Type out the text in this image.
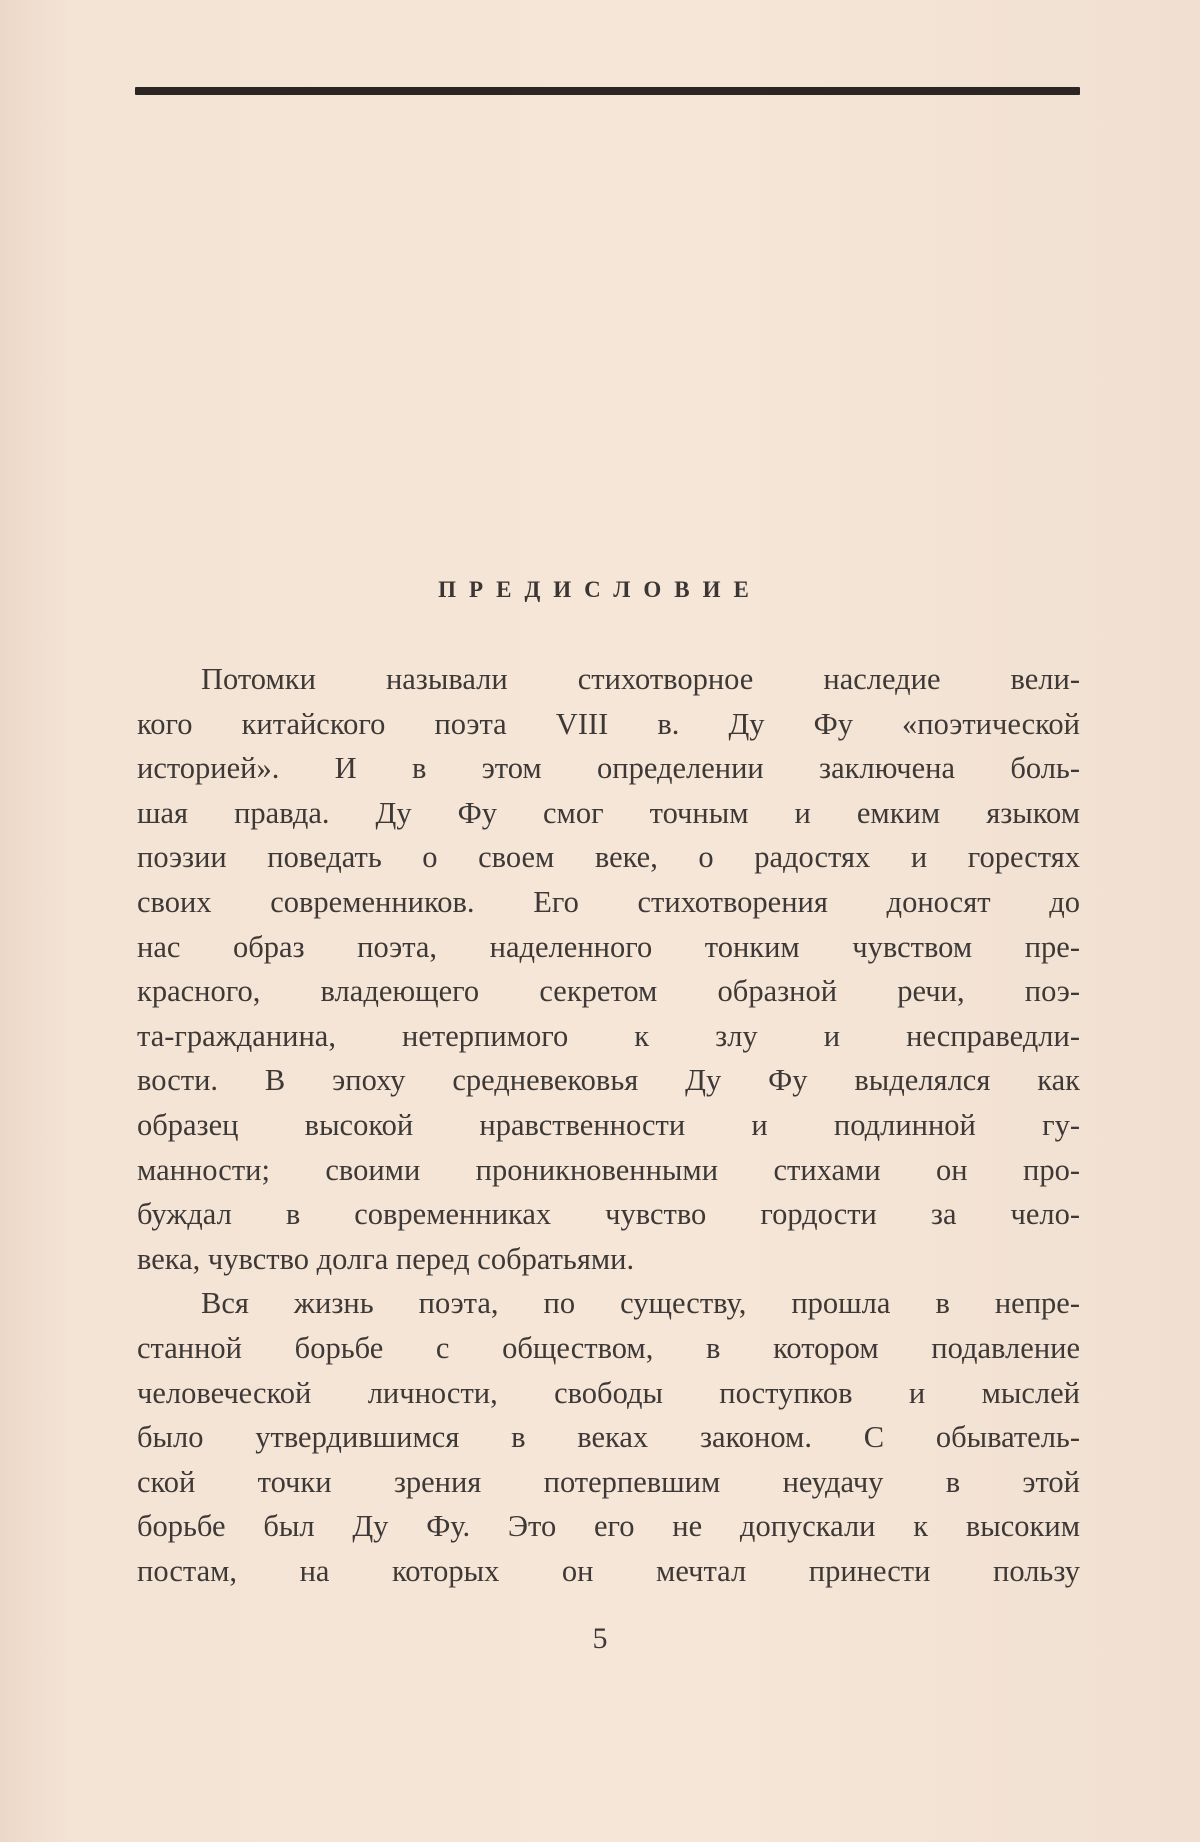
ПРЕДИСЛОВИЕ
Потомки называли стихотворное наследие вели-
кого китайского поэта VIII в. Ду Фу «поэтической
историей». И в этом определении заключена боль-
шая правда. Ду Фу смог точным и емким языком
поэзии поведать о своем веке, о радостях и горестях
своих современников. Его стихотворения доносят до
нас образ поэта, наделенного тонким чувством пре-
красного, владеющего секретом образной речи, поэ-
та-гражданина, нетерпимого к злу и несправедли-
вости. В эпоху средневековья Ду Фу выделялся как
образец высокой нравственности и подлинной гу-
манности; своими проникновенными стихами он про-
буждал в современниках чувство гордости за чело-
века, чувство долга перед собратьями.
Вся жизнь поэта, по существу, прошла в непре-
станной борьбе с обществом, в котором подавление
человеческой личности, свободы поступков и мыслей
было утвердившимся в веках законом. С обыватель-
ской точки зрения потерпевшим неудачу в этой
борьбе был Ду Фу. Это его не допускали к высоким
постам, на которых он мечтал принести пользу
5
